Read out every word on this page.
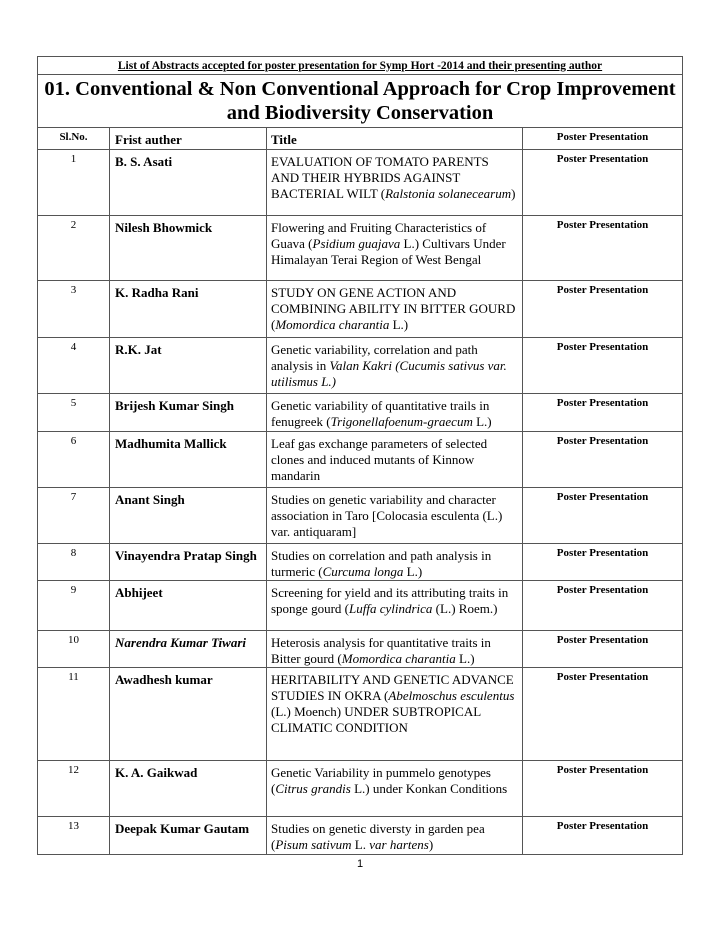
List of Abstracts accepted for poster presentation for Symp Hort -2014 and their presenting author			
01. Conventional & Non Conventional Approach for Crop Improvement and Biodiversity Conservation			
Sl.No.	Frist auther	Title	Poster Presentation
1	B. S. Asati	EVALUATION OF TOMATO PARENTS AND THEIR HYBRIDS AGAINST BACTERIAL WILT (Ralstonia solanecearum)	Poster Presentation
2	Nilesh Bhowmick	Flowering and Fruiting Characteristics of Guava (Psidium guajava L.) Cultivars Under Himalayan Terai Region of West Bengal	Poster Presentation
3	K. Radha Rani	STUDY ON GENE ACTION AND COMBINING ABILITY IN BITTER GOURD (Momordica charantia L.)	Poster Presentation
4	R.K. Jat	Genetic variability, correlation and path analysis in Valan Kakri (Cucumis sativus var. utilismus L.)	Poster Presentation
5	Brijesh Kumar Singh	Genetic variability of quantitative trails in fenugreek (Trigonellafoenum-graecum L.)	Poster Presentation
6	Madhumita Mallick	Leaf gas exchange parameters of selected clones and induced mutants of Kinnow mandarin	Poster Presentation
7	Anant Singh	Studies on genetic variability and character association in Taro [Colocasia esculenta (L.) var. antiquaram]	Poster Presentation
8	Vinayendra Pratap Singh	Studies on correlation and path analysis in turmeric (Curcuma longa L.)	Poster Presentation
9	Abhijeet	Screening for yield and its attributing traits in sponge gourd (Luffa cylindrica (L.) Roem.)	Poster Presentation
10	Narendra Kumar Tiwari	Heterosis analysis for quantitative traits in Bitter gourd (Momordica charantia L.)	Poster Presentation
11	Awadhesh kumar	HERITABILITY AND GENETIC ADVANCE STUDIES IN OKRA (Abelmoschus esculentus (L.) Moench) UNDER SUBTROPICAL CLIMATIC CONDITION	Poster Presentation
12	K. A. Gaikwad	Genetic Variability in pummelo genotypes (Citrus grandis L.) under Konkan Conditions	Poster Presentation
13	Deepak Kumar Gautam	Studies on genetic diversty in garden pea (Pisum sativum L. var hartens)	Poster Presentation
1
